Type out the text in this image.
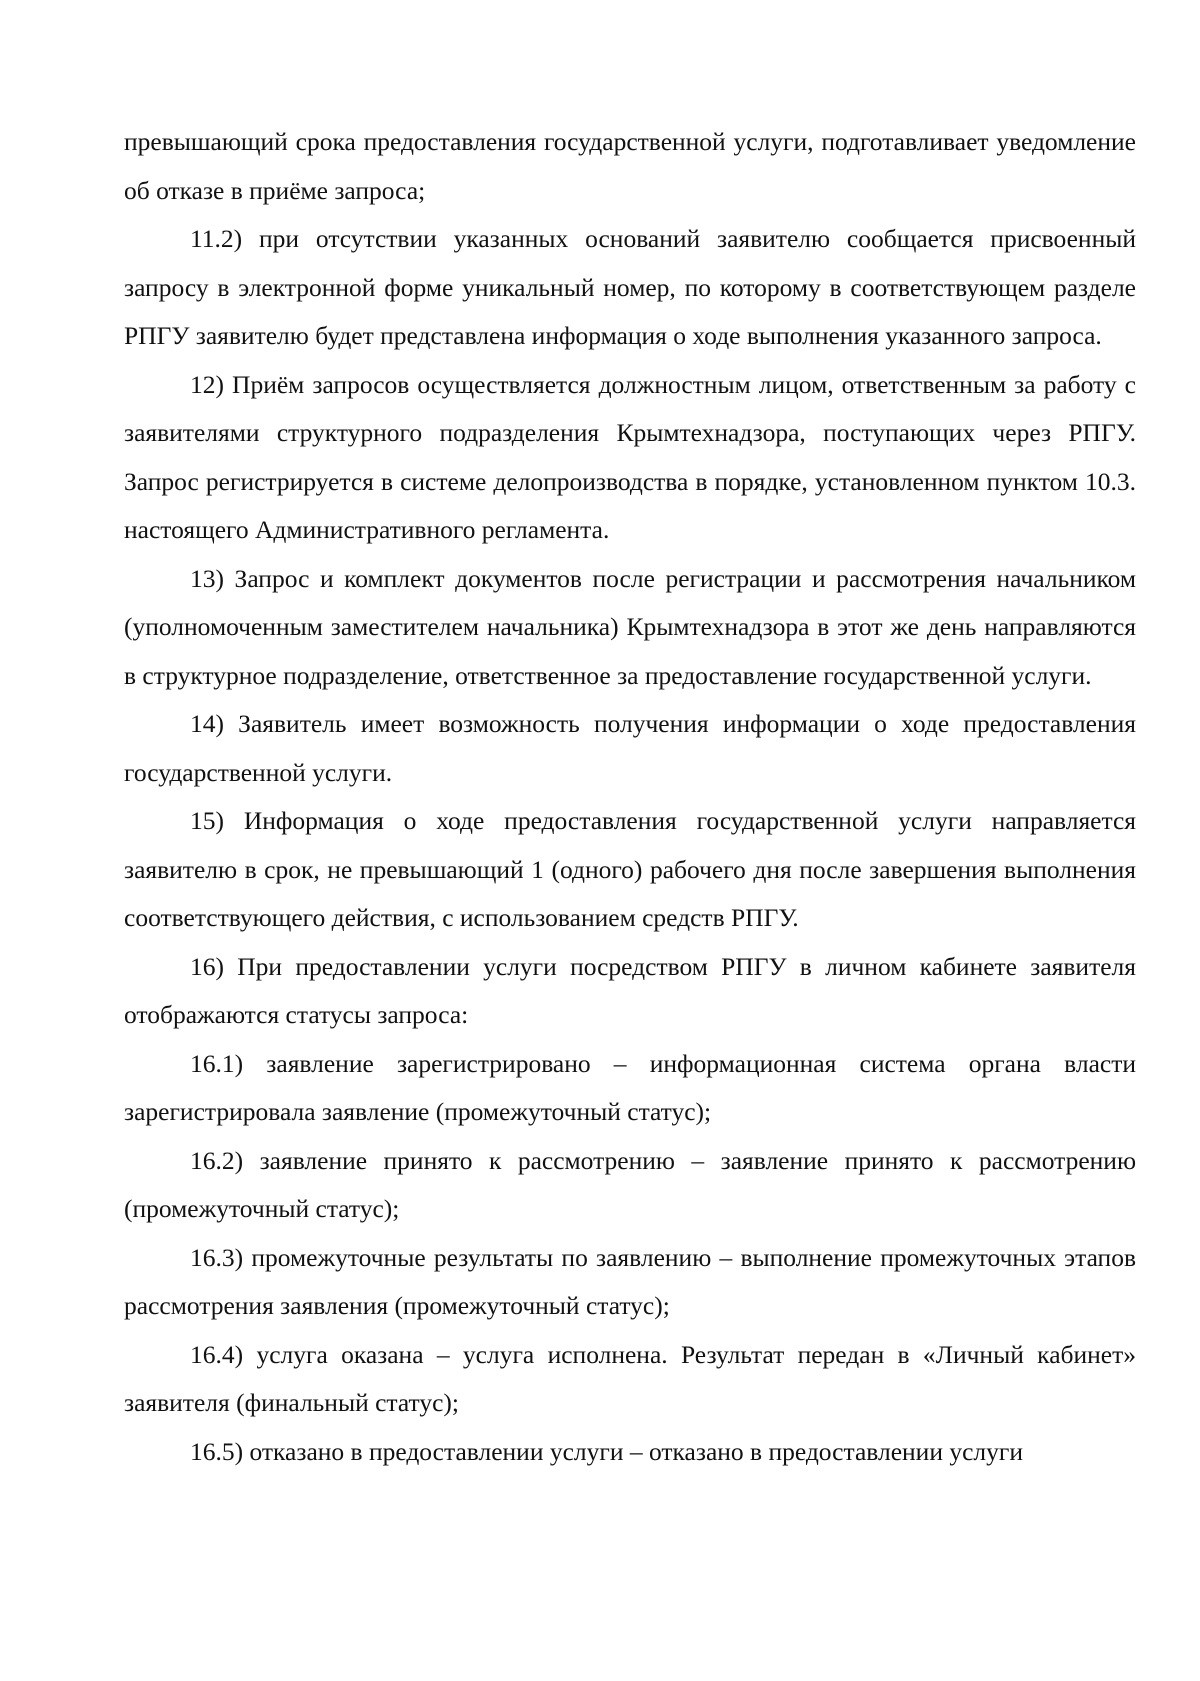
превышающий срока предоставления государственной услуги, подготавливает уведомление об отказе в приёме запроса;

11.2) при отсутствии указанных оснований заявителю сообщается присвоенный запросу в электронной форме уникальный номер, по которому в соответствующем разделе РПГУ заявителю будет представлена информация о ходе выполнения указанного запроса.

12) Приём запросов осуществляется должностным лицом, ответственным за работу с заявителями структурного подразделения Крымтехнадзора, поступающих через РПГУ. Запрос регистрируется в системе делопроизводства в порядке, установленном пунктом 10.3. настоящего Административного регламента.

13) Запрос и комплект документов после регистрации и рассмотрения начальником (уполномоченным заместителем начальника) Крымтехнадзора в этот же день направляются в структурное подразделение, ответственное за предоставление государственной услуги.

14) Заявитель имеет возможность получения информации о ходе предоставления государственной услуги.

15) Информация о ходе предоставления государственной услуги направляется заявителю в срок, не превышающий 1 (одного) рабочего дня после завершения выполнения соответствующего действия, с использованием средств РПГУ.

16) При предоставлении услуги посредством РПГУ в личном кабинете заявителя отображаются статусы запроса:

16.1) заявление зарегистрировано – информационная система органа власти зарегистрировала заявление (промежуточный статус);

16.2) заявление принято к рассмотрению – заявление принято к рассмотрению (промежуточный статус);

16.3) промежуточные результаты по заявлению – выполнение промежуточных этапов рассмотрения заявления (промежуточный статус);

16.4) услуга оказана – услуга исполнена. Результат передан в «Личный кабинет» заявителя (финальный статус);

16.5) отказано в предоставлении услуги – отказано в предоставлении услуги
